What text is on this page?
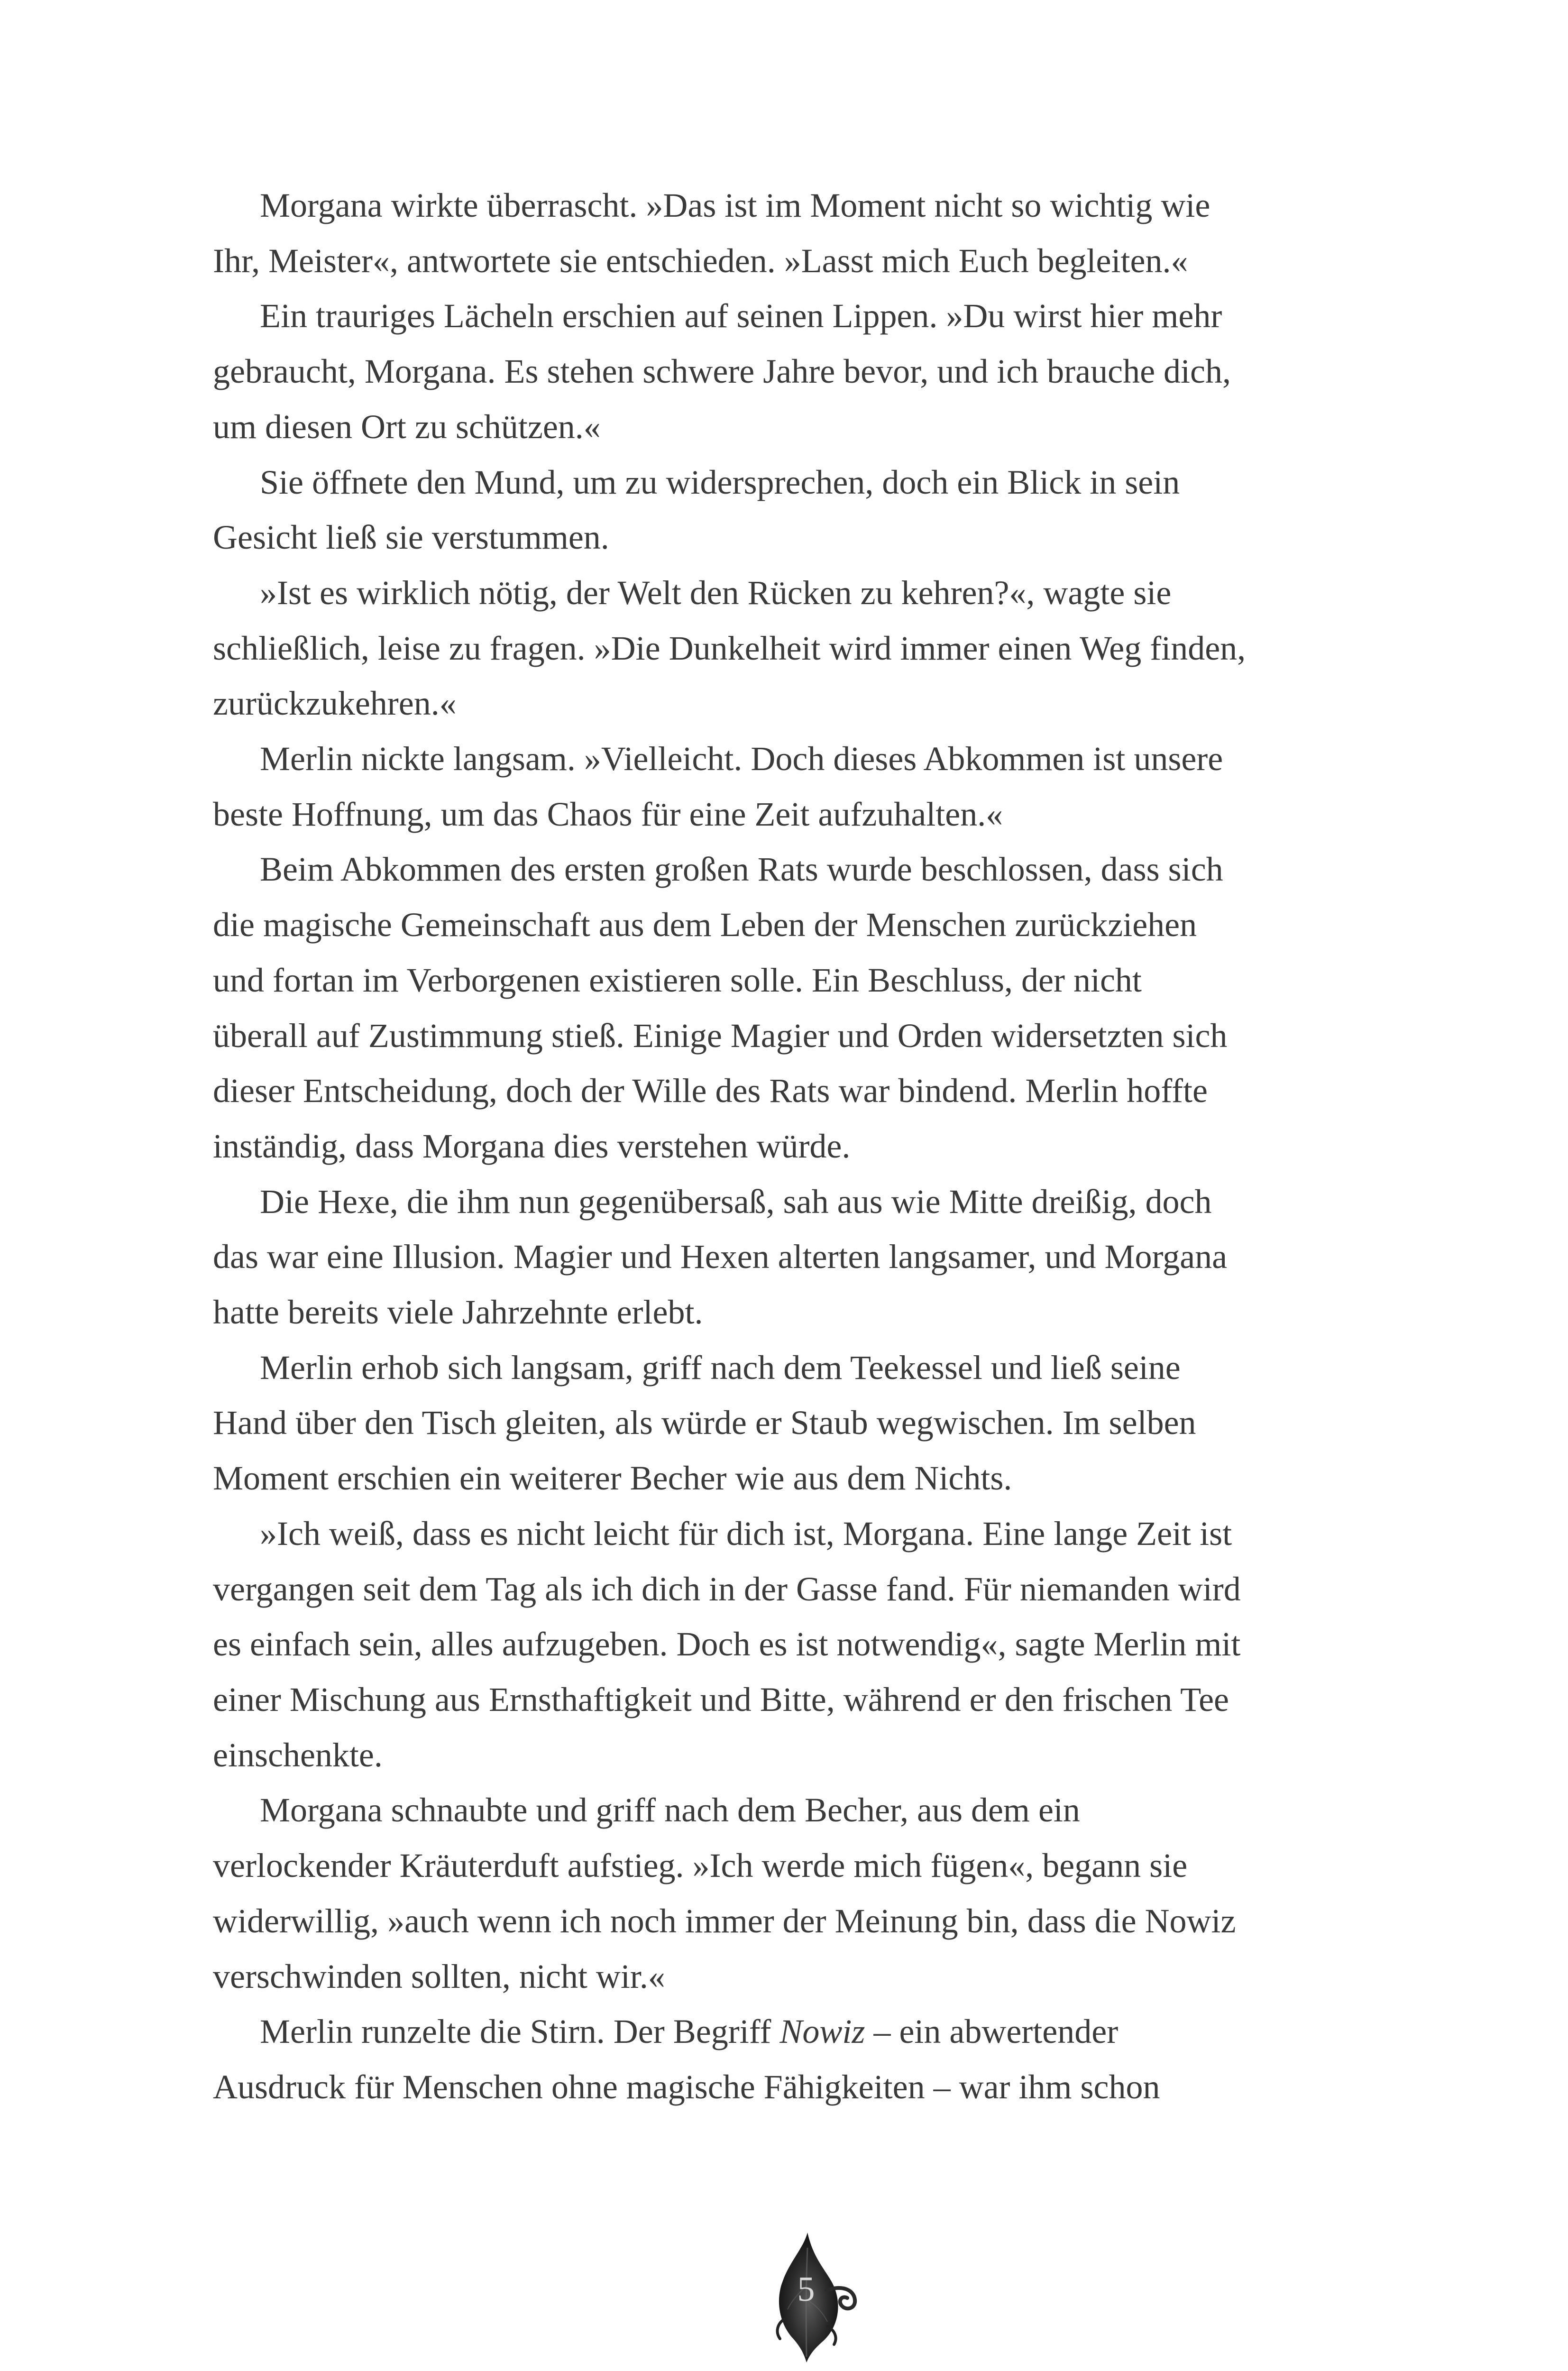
Morgana wirkte überrascht. »Das ist im Moment nicht so wichtig wie
Ihr, Meister«, antwortete sie entschieden. »Lasst mich Euch begleiten.«

Ein trauriges Lächeln erschien auf seinen Lippen. »Du wirst hier mehr
gebraucht, Morgana. Es stehen schwere Jahre bevor, und ich brauche dich,
um diesen Ort zu schützen.«

Sie öffnete den Mund, um zu widersprechen, doch ein Blick in sein
Gesicht ließ sie verstummen.

»Ist es wirklich nötig, der Welt den Rücken zu kehren?«, wagte sie
schließlich, leise zu fragen. »Die Dunkelheit wird immer einen Weg finden,
zurückzukehren.«

Merlin nickte langsam. »Vielleicht. Doch dieses Abkommen ist unsere
beste Hoffnung, um das Chaos für eine Zeit aufzuhalten.«

Beim Abkommen des ersten großen Rats wurde beschlossen, dass sich
die magische Gemeinschaft aus dem Leben der Menschen zurückziehen
und fortan im Verborgenen existieren solle. Ein Beschluss, der nicht
überall auf Zustimmung stieß. Einige Magier und Orden widersetzten sich
dieser Entscheidung, doch der Wille des Rats war bindend. Merlin hoffte
inständig, dass Morgana dies verstehen würde.

Die Hexe, die ihm nun gegenübersaß, sah aus wie Mitte dreißig, doch
das war eine Illusion. Magier und Hexen alterten langsamer, und Morgana
hatte bereits viele Jahrzehnte erlebt.

Merlin erhob sich langsam, griff nach dem Teekessel und ließ seine
Hand über den Tisch gleiten, als würde er Staub wegwischen. Im selben
Moment erschien ein weiterer Becher wie aus dem Nichts.

»Ich weiß, dass es nicht leicht für dich ist, Morgana. Eine lange Zeit ist
vergangen seit dem Tag als ich dich in der Gasse fand. Für niemanden wird
es einfach sein, alles aufzugeben. Doch es ist notwendig«, sagte Merlin mit
einer Mischung aus Ernsthaftigkeit und Bitte, während er den frischen Tee
einschenkte.

Morgana schnaubte und griff nach dem Becher, aus dem ein
verlockender Kräuterduft aufstieg. »Ich werde mich fügen«, begann sie
widerwillig, »auch wenn ich noch immer der Meinung bin, dass die Nowiz
verschwinden sollten, nicht wir.«

Merlin runzelte die Stirn. Der Begriff Nowiz – ein abwertender
Ausdruck für Menschen ohne magische Fähigkeiten – war ihm schon

5
